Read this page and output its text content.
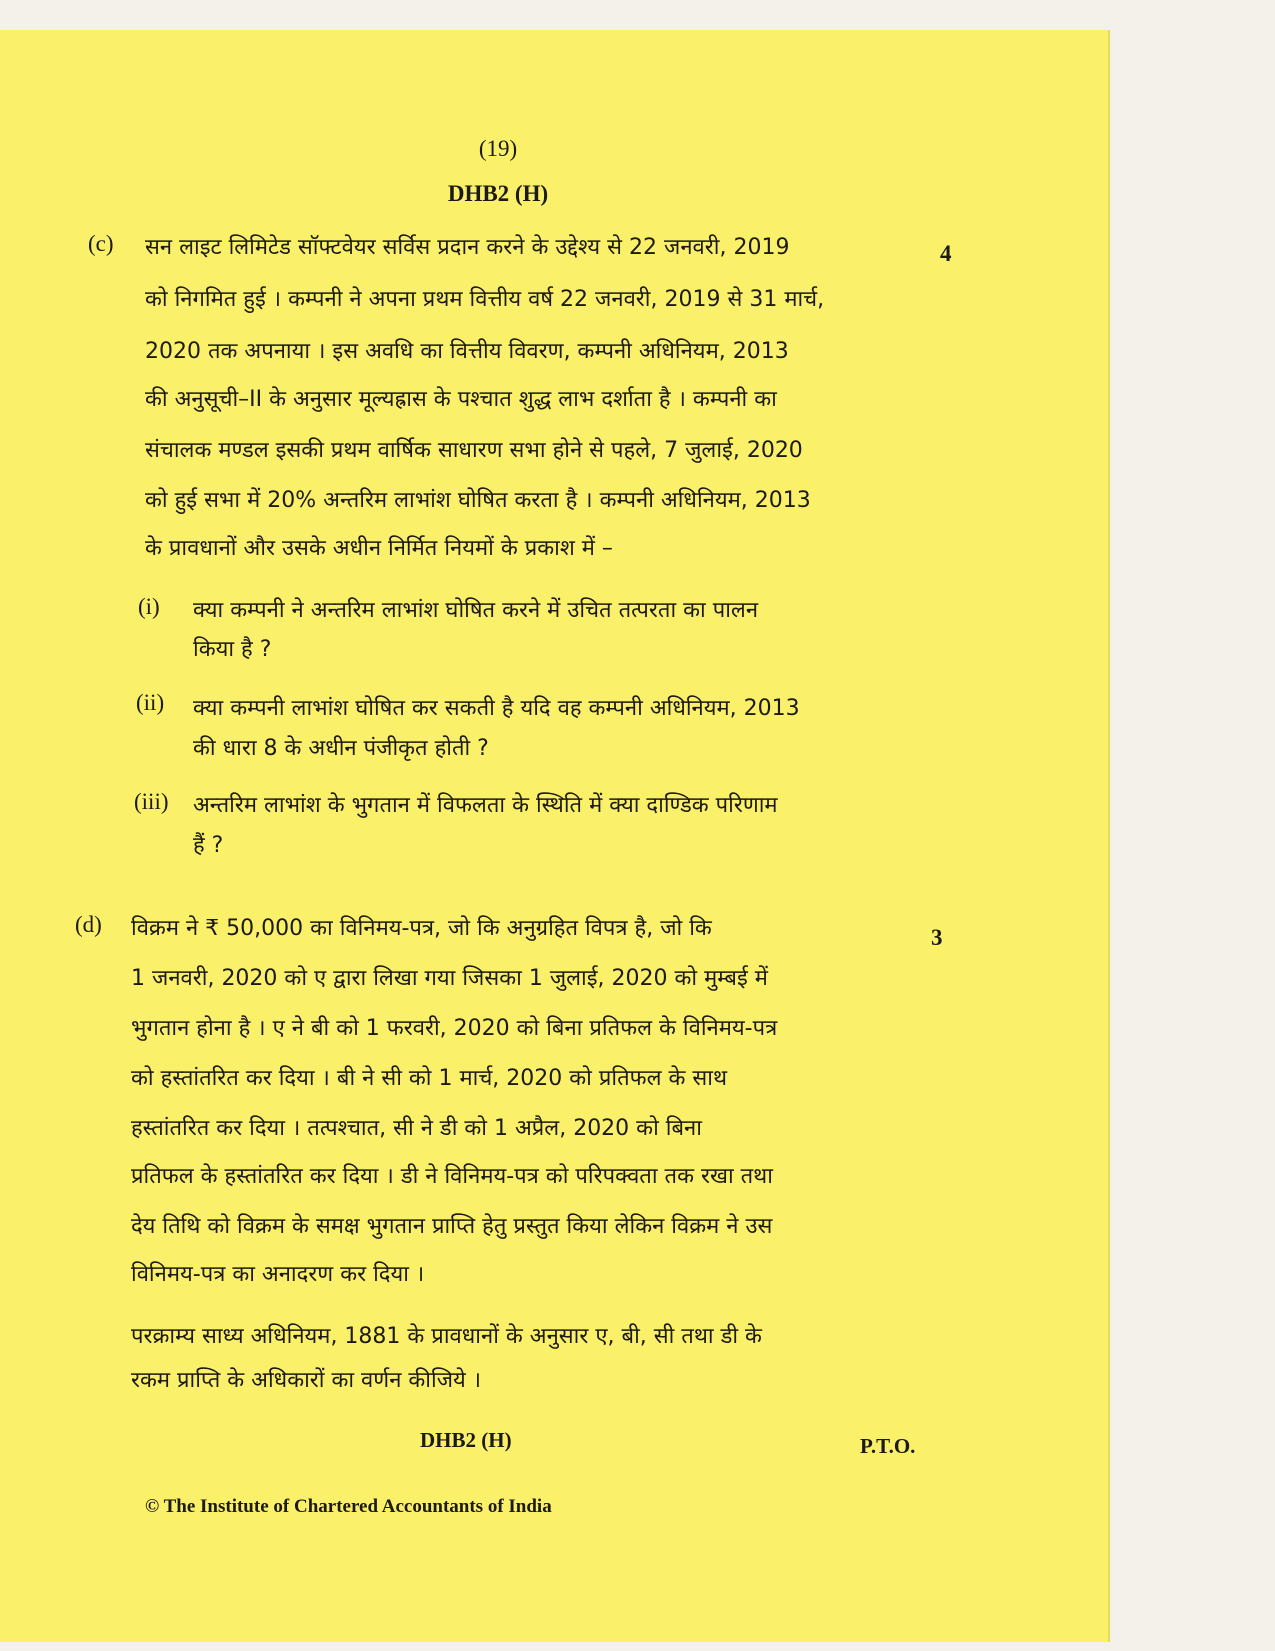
(19)
DHB2 (H)
(c)	4
सन लाइट लिमिटेड सॉफ्टवेयर सर्विस प्रदान करने के उद्देश्य से 22 जनवरी, 2019
को निगमित हुई । कम्पनी ने अपना प्रथम वित्तीय वर्ष 22 जनवरी, 2019 से 31 मार्च,
2020 तक अपनाया । इस अवधि का वित्तीय विवरण, कम्पनी अधिनियम, 2013
की अनुसूची–II के अनुसार मूल्यह्रास के पश्चात शुद्ध लाभ दर्शाता है । कम्पनी का
संचालक मण्डल इसकी प्रथम वार्षिक साधारण सभा होने से पहले, 7 जुलाई, 2020
को हुई सभा में 20% अन्तरिम लाभांश घोषित करता है । कम्पनी अधिनियम, 2013
के प्रावधानों और उसके अधीन निर्मित नियमों के प्रकाश में –
(i) क्या कम्पनी ने अन्तरिम लाभांश घोषित करने में उचित तत्परता का पालन
किया है ?
(ii) क्या कम्पनी लाभांश घोषित कर सकती है यदि वह कम्पनी अधिनियम, 2013
की धारा 8 के अधीन पंजीकृत होती ?
(iii) अन्तरिम लाभांश के भुगतान में विफलता के स्थिति में क्या दाण्डिक परिणाम
हैं ?
(d)
3
विक्रम ने ₹ 50,000 का विनिमय-पत्र, जो कि अनुग्रहित विपत्र है, जो कि
1 जनवरी, 2020 को ए द्वारा लिखा गया जिसका 1 जुलाई, 2020 को मुम्बई में
भुगतान होना है । ए ने बी को 1 फरवरी, 2020 को बिना प्रतिफल के विनिमय-पत्र
को हस्तांतरित कर दिया । बी ने सी को 1 मार्च, 2020 को प्रतिफल के साथ
हस्तांतरित कर दिया । तत्पश्चात, सी ने डी को 1 अप्रैल, 2020 को बिना
प्रतिफल के हस्तांतरित कर दिया । डी ने विनिमय-पत्र को परिपक्वता तक रखा तथा
देय तिथि को विक्रम के समक्ष भुगतान प्राप्ति हेतु प्रस्तुत किया लेकिन विक्रम ने उस
विनिमय-पत्र का अनादरण कर दिया ।
परक्राम्य साध्य अधिनियम, 1881 के प्रावधानों के अनुसार ए, बी, सी तथा डी के
रकम प्राप्ति के अधिकारों का वर्णन कीजिये ।
DHB2 (H)	P.T.O.
© The Institute of Chartered Accountants of India
